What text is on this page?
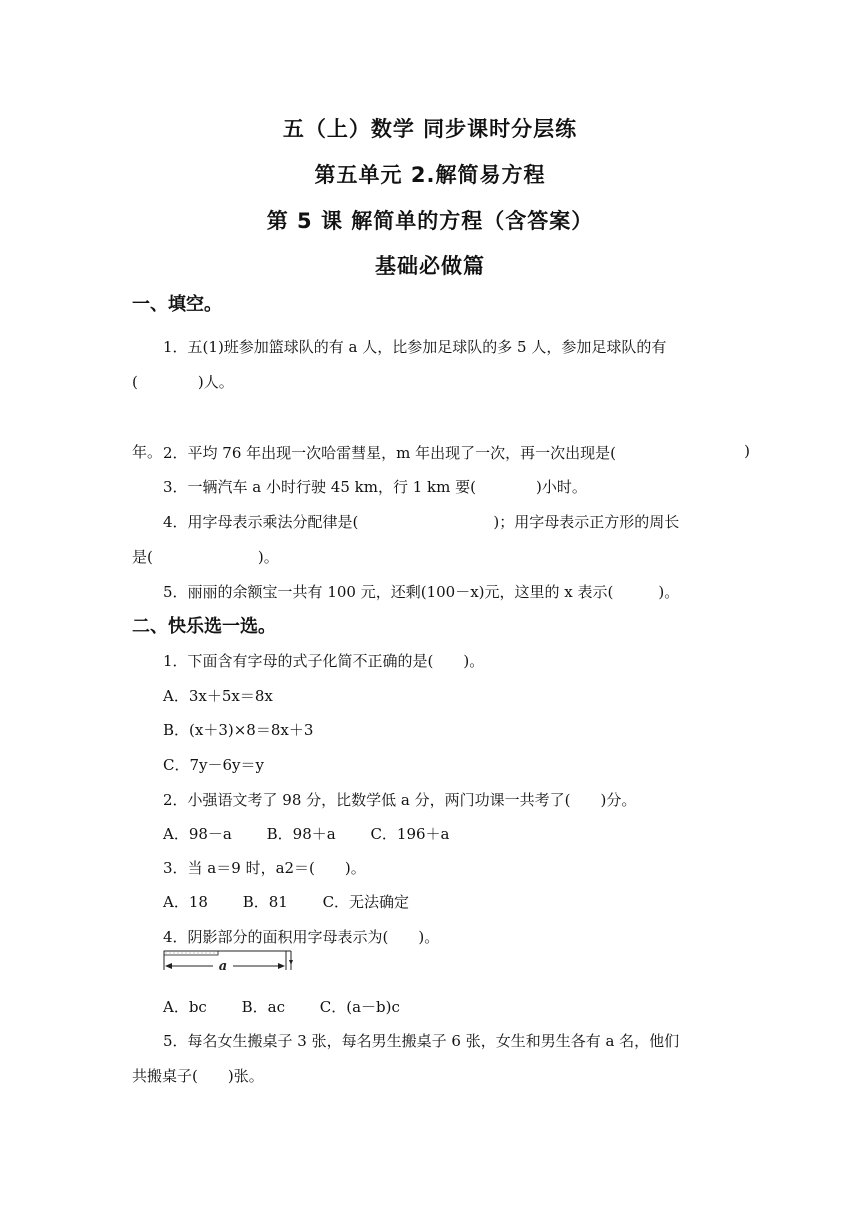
五（上）数学 同步课时分层练
第五单元 2.解简易方程
第 5 课 解简单的方程（含答案）
基础必做篇
一、填空。
1．五(1)班参加篮球队的有 a 人，比参加足球队的多 5 人，参加足球队的有
(　　　　)人。

2．平均 76 年出现一次哈雷彗星，m 年出现了一次，再一次出现是(	)

年。
3．一辆汽车 a 小时行驶 45 km，行 1 km 要(　　　　)小时。
4．用字母表示乘法分配律是(　　　　　　　　　)；用字母表示正方形的周长
是(　　　　　　　)。
5．丽丽的余额宝一共有 100 元，还剩(100－x)元，这里的 x 表示(　　　)。
二、快乐选一选。
1．下面含有字母的式子化简不正确的是(　　)。
A．3x＋5x＝8x
B．(x＋3)×8＝8x＋3
C．7y－6y＝y
2．小强语文考了 98 分，比数学低 a 分，两门功课一共考了(　　)分。
A．98－a　　 B．98＋a　　 C．196＋a
3．当 a＝9 时，a2＝(　　)。
A．18　　 B．81　　 C．无法确定
4．阴影部分的面积用字母表示为(　　)。
a
A．bc　　 B．ac　　 C．(a－b)c
5．每名女生搬桌子 3 张，每名男生搬桌子 6 张，女生和男生各有 a 名，他们
共搬桌子(　　)张。
